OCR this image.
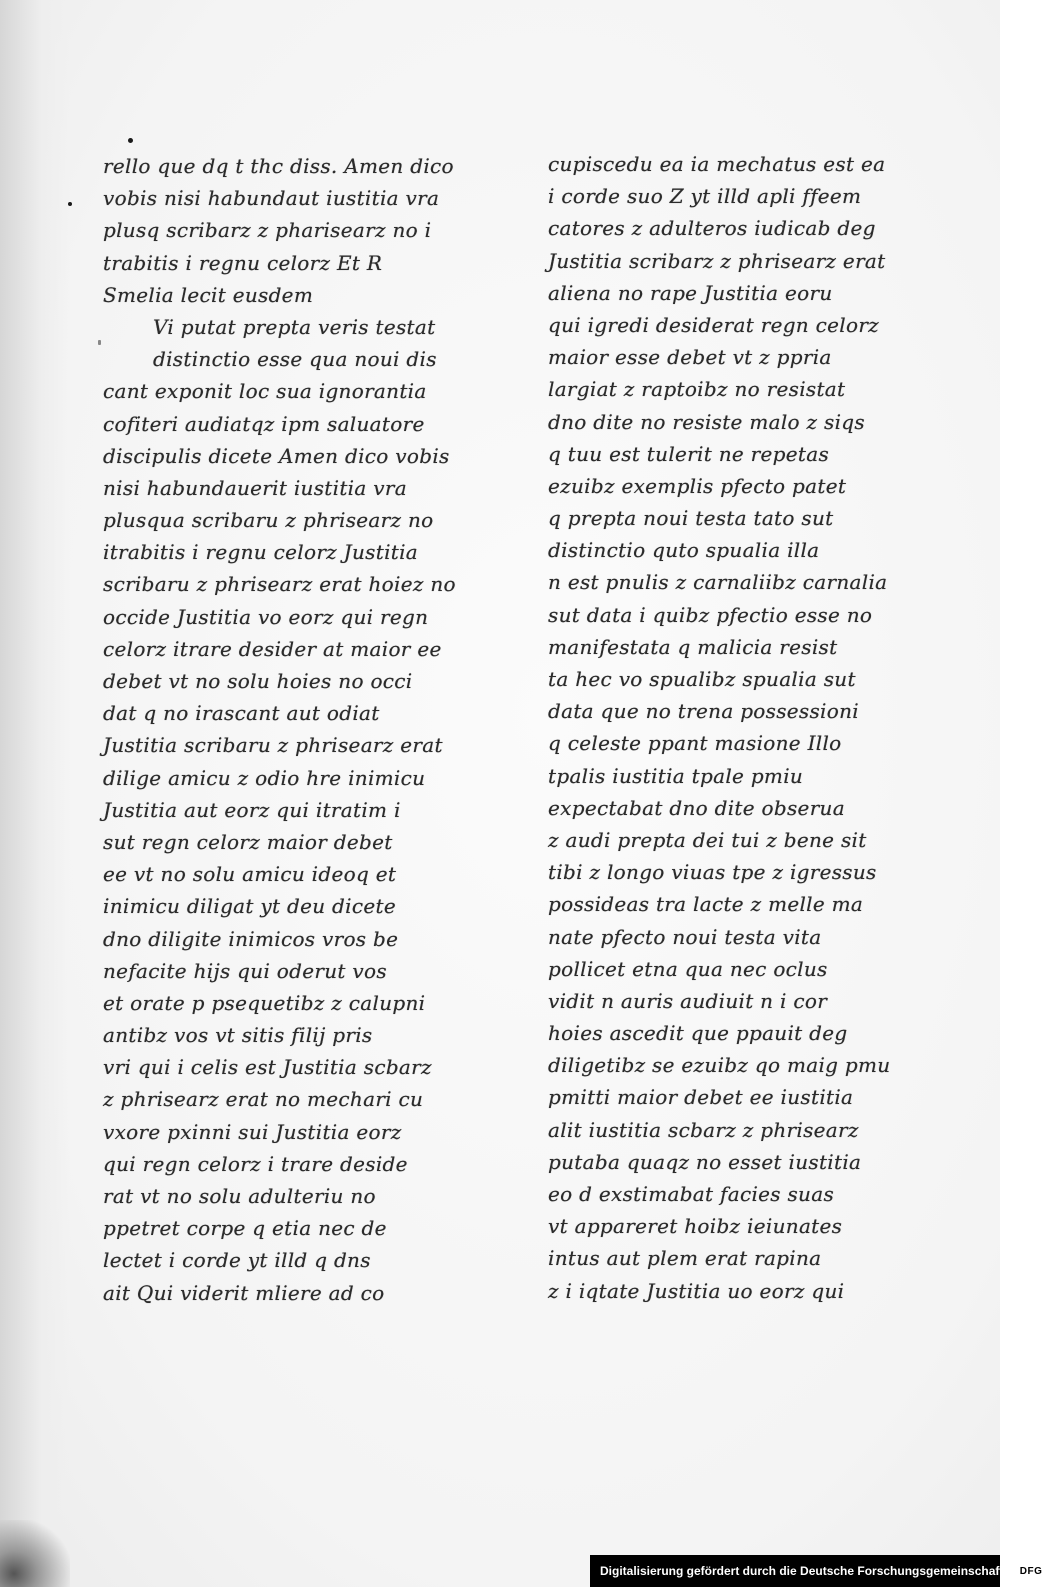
rello que dq t thc diss. Amen dico
vobis nisi habundaut iustitia vra
plusq scribarz z pharisearz no i
trabitis i regnu celorz Et R
Smelia lecit eusdem
Vi putat prepta veris testat
distinctio esse qua noui dis
cant exponit loc sua ignorantia
cofiteri audiatqz ipm saluatore
discipulis dicete Amen dico vobis
nisi habundauerit iustitia vra
plusqua scribaru z phrisearz no
itrabitis i regnu celorz Justitia
scribaru z phrisearz erat hoiez no
occide Justitia vo eorz qui regn
celorz itrare desider at maior ee
debet vt no solu hoies no occi
dat q no irascant aut odiat
Justitia scribaru z phrisearz erat
dilige amicu z odio hre inimicu
Justitia aut eorz qui itratim i
sut regn celorz maior debet
ee vt no solu amicu ideoq et
inimicu diligat yt deu dicete
dno diligite inimicos vros be
nefacite hijs qui oderut vos
et orate p psequetibz z calupni
antibz vos vt sitis filij pris
vri qui i celis est Justitia scbarz
z phrisearz erat no mechari cu
vxore pxinni sui Justitia eorz
qui regn celorz i trare deside
rat vt no solu adulteriu no
ppetret corpe q etia nec de
lectet i corde yt illd q dns
ait Qui viderit mliere ad co
cupiscedu ea ia mechatus est ea
i corde suo Z yt illd apli ffeem
catores z adulteros iudicab deg
Justitia scribarz z phrisearz erat
aliena no rape Justitia eoru
qui igredi desiderat regn celorz
maior esse debet vt z ppria
largiat z raptoibz no resistat
dno dite no resiste malo z siqs
q tuu est tulerit ne repetas
ezuibz exemplis pfecto patet
q prepta noui testa tato sut
distinctio quto spualia illa
n est pnulis z carnaliibz carnalia
sut data i quibz pfectio esse no
manifestata q malicia resist
ta hec vo spualibz spualia sut
data que no trena possessioni
q celeste ppant masione Illo
tpalis iustitia tpale pmiu
expectabat dno dite obserua
z audi prepta dei tui z bene sit
tibi z longo viuas tpe z igressus
possideas tra lacte z melle ma
nate pfecto noui testa vita
pollicet etna qua nec oclus
vidit n auris audiuit n i cor
hoies ascedit que ppauit deg
diligetibz se ezuibz qo maig pmu
pmitti maior debet ee iustitia
alit iustitia scbarz z phrisearz
putaba quaqz no esset iustitia
eo d exstimabat facies suas
vt appareret hoibz ieiunates
intus aut plem erat rapina
z i iqtate Justitia uo eorz qui
Digitalisierung gefördert durch die Deutsche Forschungsgemeinschaft - DFG
